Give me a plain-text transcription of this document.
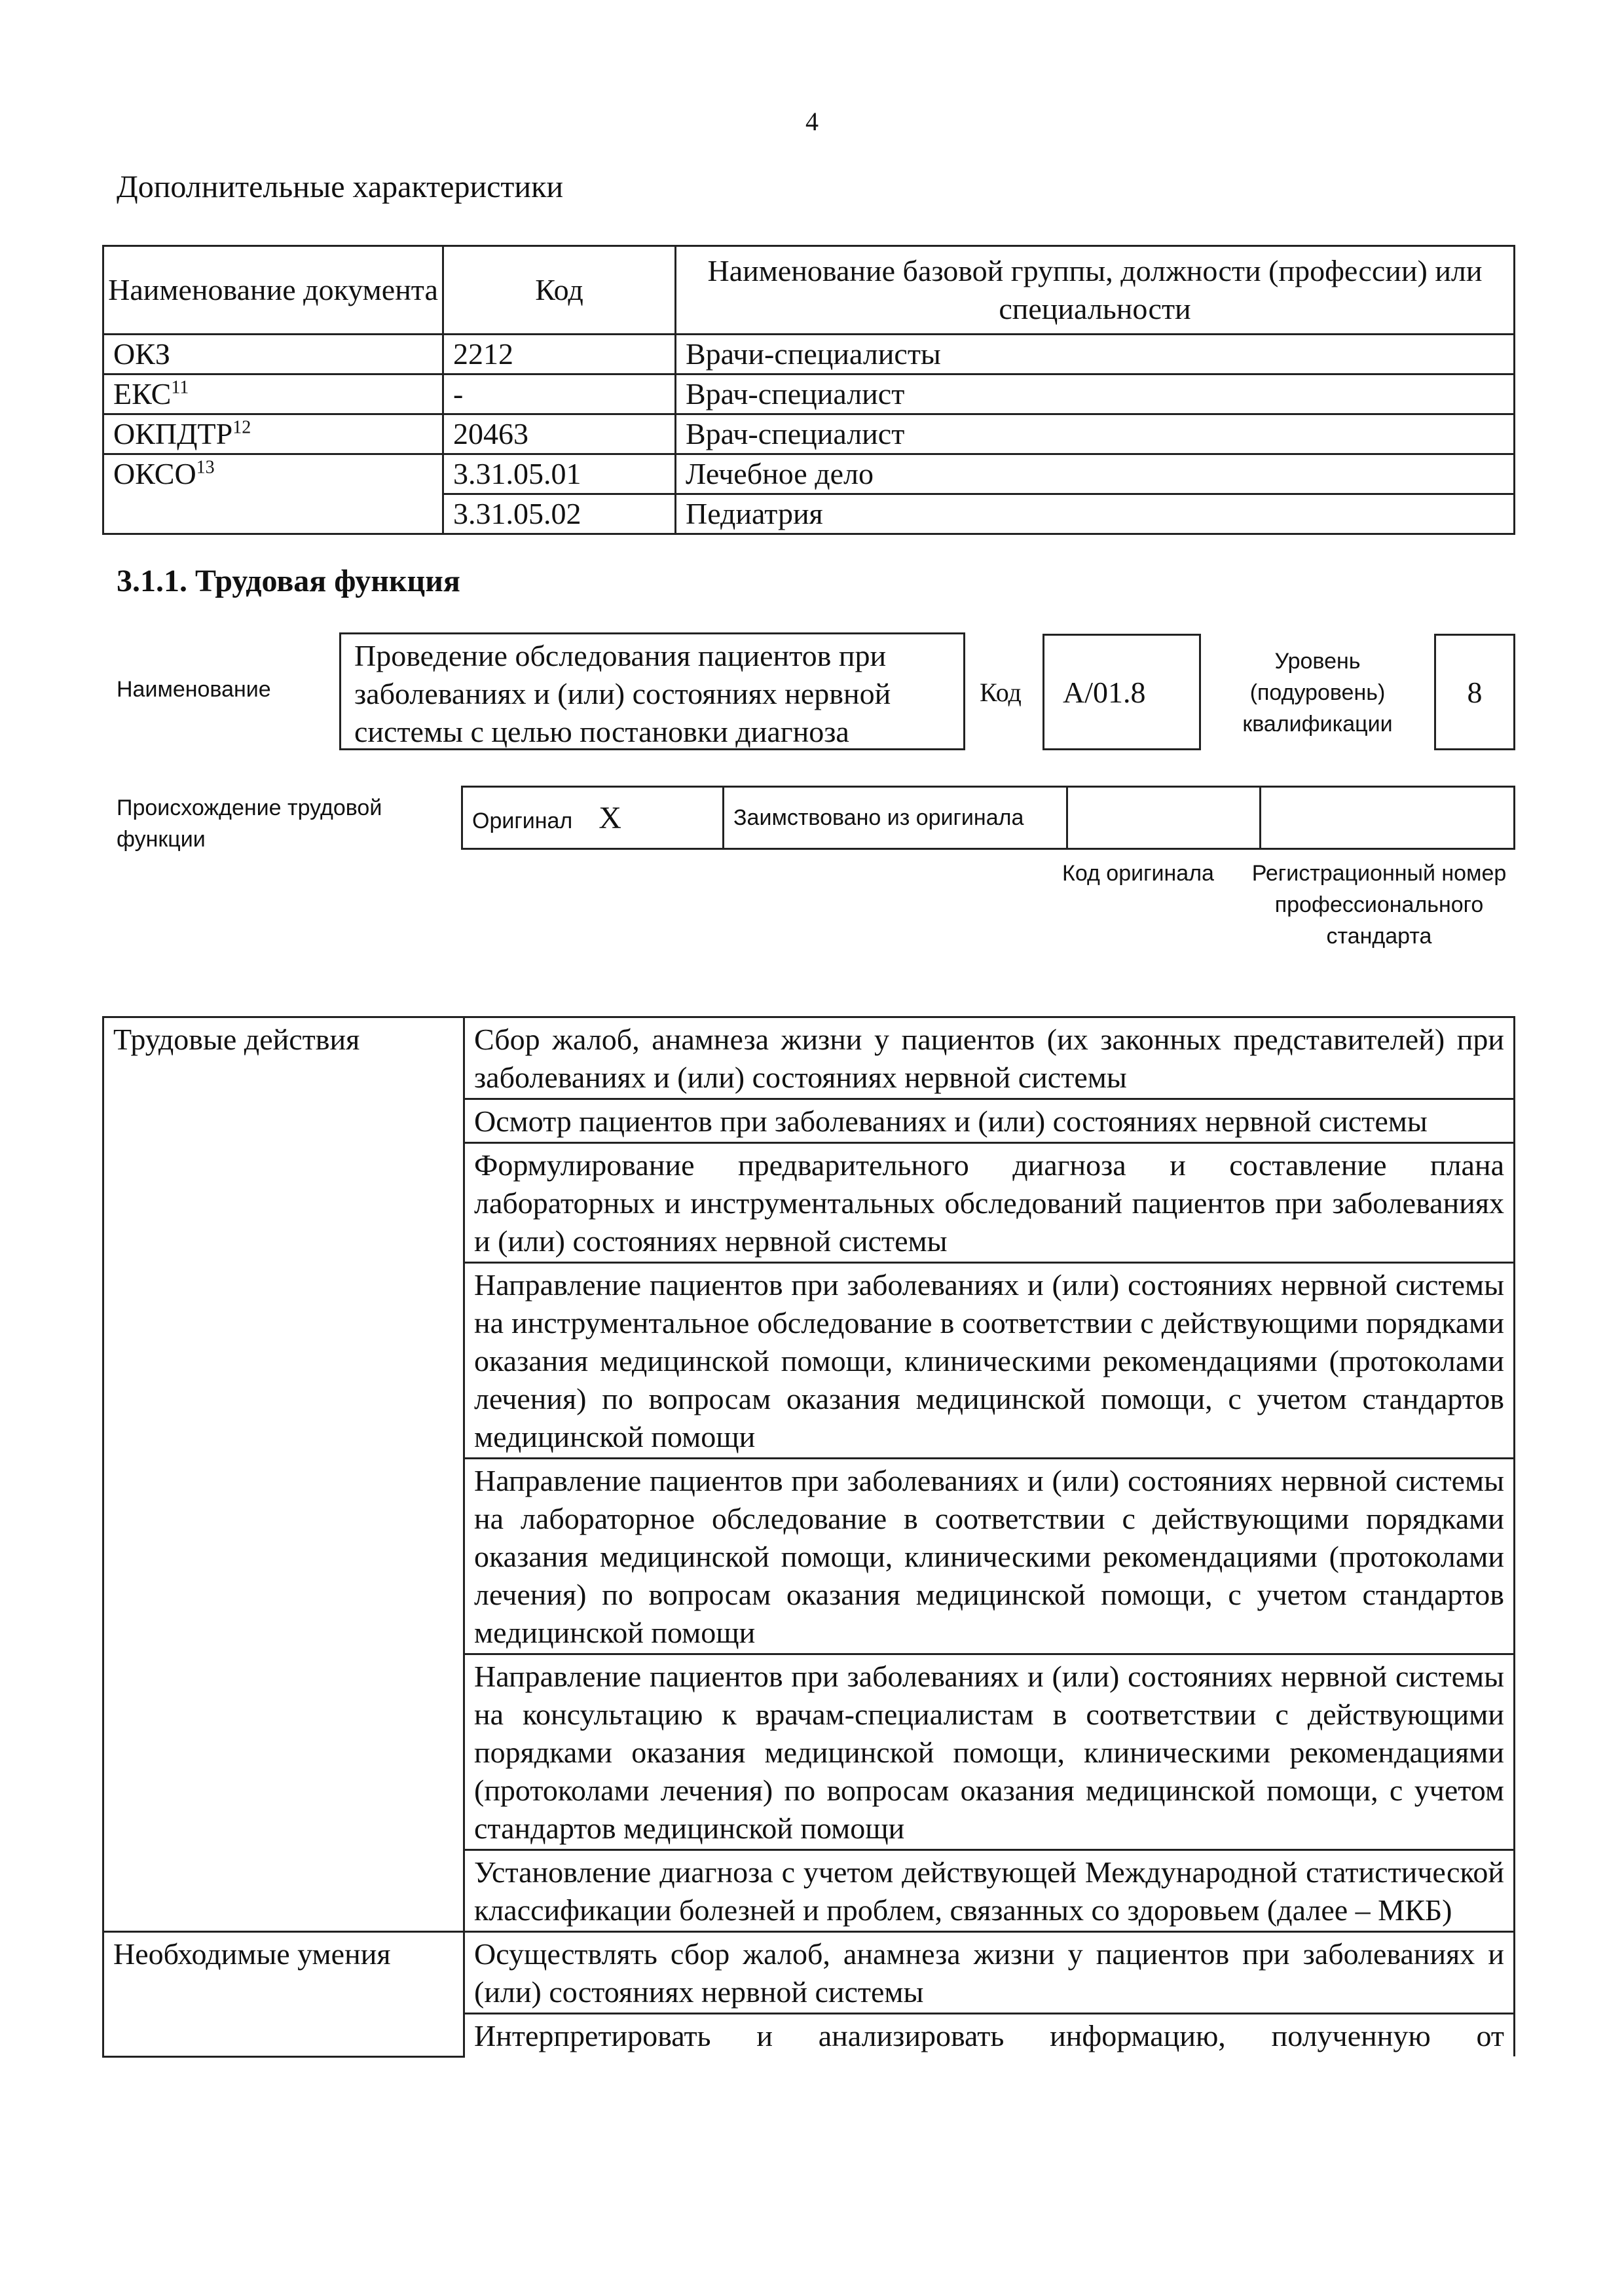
4
Дополнительные характеристики
Наименование документа	Код	Наименование базовой группы, должности (профессии) или специальности
ОКЗ	2212	Врачи-специалисты
ЕКС$^{11}$	-	Врач-специалист
ОКПДТР$^{12}$	20463	Врач-специалист
ОКСО$^{13}$	3.31.05.01	Лечебное дело
	3.31.05.02	Педиатрия
3.1.1. Трудовая функция
Наименование
Проведение обследования пациентов при заболеваниях и (или) состояниях нервной системы с целью постановки диагноза
Код A/01.8
Уровень (подуровень) квалификации
8
Происхождение трудовой функции
Оригинал X	Заимствовано из оригинала		
Код оригинала	Регистрационный номер профессионального стандарта
Трудовые действия	Сбор жалоб, анамнеза жизни у пациентов (их законных представителей) при заболеваниях и (или) состояниях нервной системы
	Осмотр пациентов при заболеваниях и (или) состояниях нервной системы
	Формулирование предварительного диагноза и составление плана лабораторных и инструментальных обследований пациентов при заболеваниях и (или) состояниях нервной системы
	Направление пациентов при заболеваниях и (или) состояниях нервной системы на инструментальное обследование в соответствии с действующими порядками оказания медицинской помощи, клиническими рекомендациями (протоколами лечения) по вопросам оказания медицинской помощи, с учетом стандартов медицинской помощи
	Направление пациентов при заболеваниях и (или) состояниях нервной системы на лабораторное обследование в соответствии с действующими порядками оказания медицинской помощи, клиническими рекомендациями (протоколами лечения) по вопросам оказания медицинской помощи, с учетом стандартов медицинской помощи
	Направление пациентов при заболеваниях и (или) состояниях нервной системы на консультацию к врачам-специалистам в соответствии с действующими порядками оказания медицинской помощи, клиническими рекомендациями (протоколами лечения) по вопросам оказания медицинской помощи, с учетом стандартов медицинской помощи
	Установление диагноза с учетом действующей Международной статистической классификации болезней и проблем, связанных со здоровьем (далее – МКБ)
Необходимые умения	Осуществлять сбор жалоб, анамнеза жизни у пациентов при заболеваниях и (или) состояниях нервной системы
	Интерпретировать и анализировать информацию, полученную от
